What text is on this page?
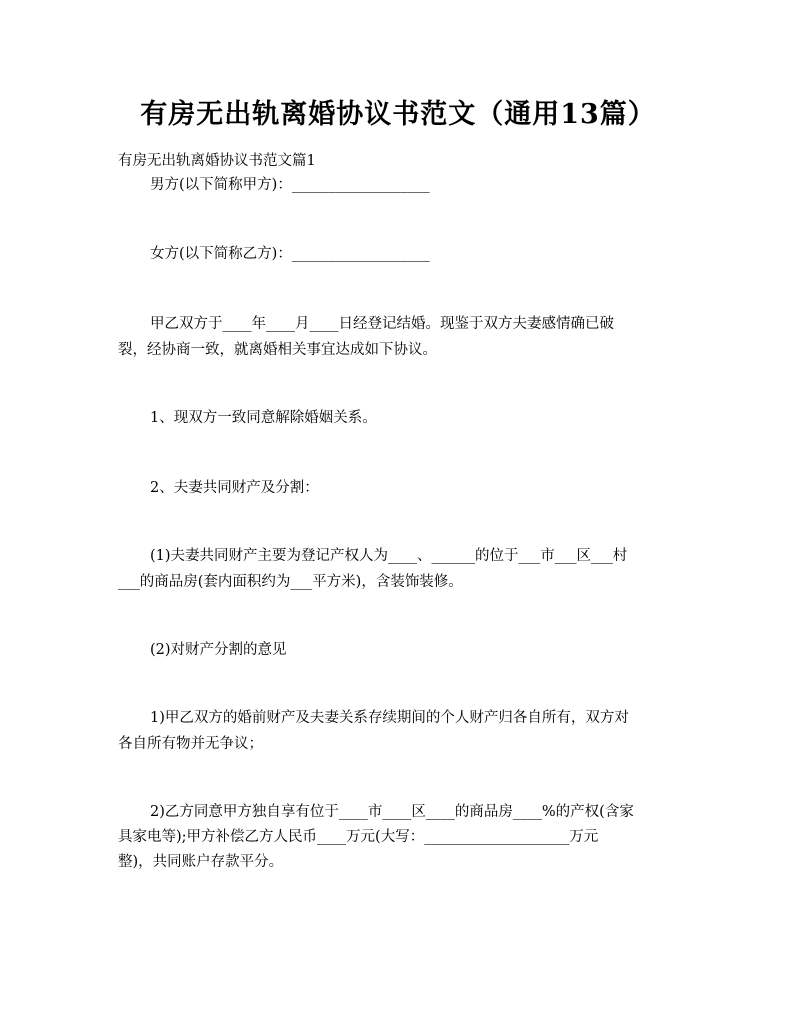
有房无出轨离婚协议书范文（通用13篇）
有房无出轨离婚协议书范文篇1
男方(以下简称甲方)：___________________
女方(以下简称乙方)：___________________
甲乙双方于____年____月____日经登记结婚。现鉴于双方夫妻感情确已破
裂，经协商一致，就离婚相关事宜达成如下协议。
1、现双方一致同意解除婚姻关系。
2、夫妻共同财产及分割：
(1)夫妻共同财产主要为登记产权人为____、______的位于___市___区___村
___的商品房(套内面积约为___平方米)，含装饰装修。
(2)对财产分割的意见
1)甲乙双方的婚前财产及夫妻关系存续期间的个人财产归各自所有，双方对
各自所有物并无争议；
2)乙方同意甲方独自享有位于____市____区____的商品房____%的产权(含家
具家电等);甲方补偿乙方人民币____万元(大写：____________________万元
整)，共同账户存款平分。
